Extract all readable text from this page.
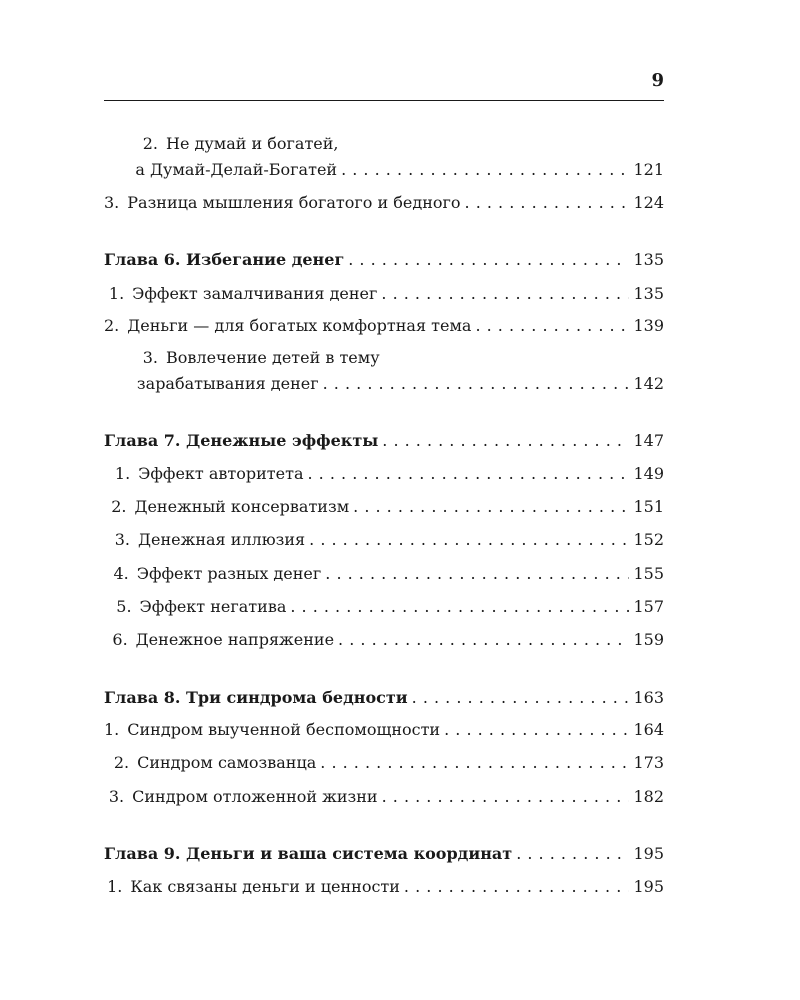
9
2. Не думай и богатей,
а Думай-Делай-Богатей . . .	121
3. Разница мышления богатого и бедного . . .	124
Глава 6. Избегание денег . . .	135
1. Эффект замалчивания денег . . .	135
2. Деньги — для богатых комфортная тема . . .	139
3. Вовлечение детей в тему
зарабатывания денег . . .	142
Глава 7. Денежные эффекты . . .	147
1. Эффект авторитета . . .	149
2. Денежный консерватизм . . .	151
3. Денежная иллюзия . . .	152
4. Эффект разных денег . . .	155
5. Эффект негатива . . .	157
6. Денежное напряжение . . .	159
Глава 8. Три синдрома бедности . . .	163
1. Синдром выученной беспомощности . . .	164
2. Синдром самозванца . . .	173
3. Синдром отложенной жизни . . .	182
Глава 9. Деньги и ваша система координат . . .	195
1. Как связаны деньги и ценности . . .	195
